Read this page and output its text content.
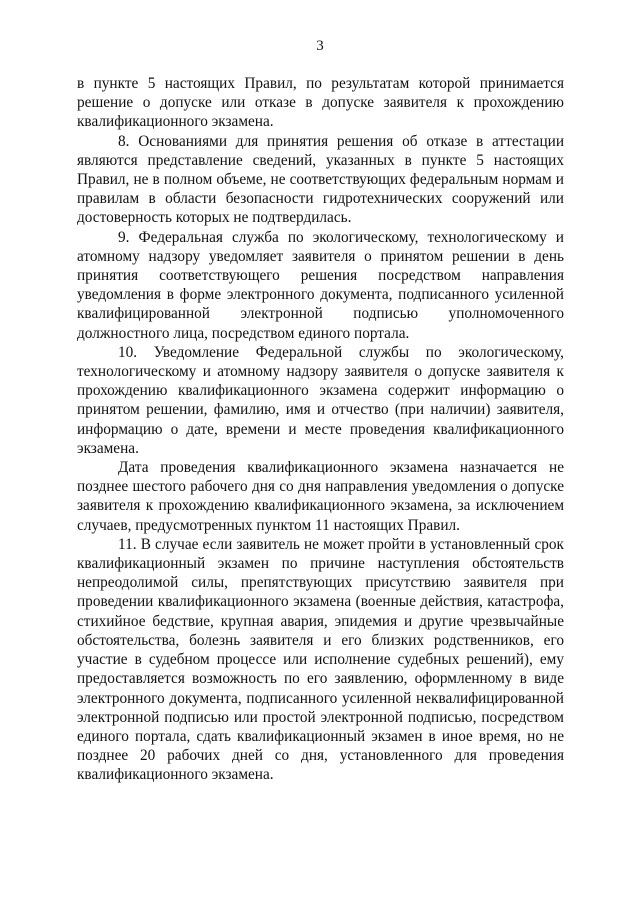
3

в пункте 5 настоящих Правил, по результатам которой принимается решение о допуске или отказе в допуске заявителя к прохождению квалификационного экзамена.

8. Основаниями для принятия решения об отказе в аттестации являются представление сведений, указанных в пункте 5 настоящих Правил, не в полном объеме, не соответствующих федеральным нормам и правилам в области безопасности гидротехнических сооружений или достоверность которых не подтвердилась.

9. Федеральная служба по экологическому, технологическому и атомному надзору уведомляет заявителя о принятом решении в день принятия соответствующего решения посредством направления уведомления в форме электронного документа, подписанного усиленной квалифицированной электронной подписью уполномоченного должностного лица, посредством единого портала.

10. Уведомление Федеральной службы по экологическому, технологическому и атомному надзору заявителя о допуске заявителя к прохождению квалификационного экзамена содержит информацию о принятом решении, фамилию, имя и отчество (при наличии) заявителя, информацию о дате, времени и месте проведения квалификационного экзамена.

Дата проведения квалификационного экзамена назначается не позднее шестого рабочего дня со дня направления уведомления о допуске заявителя к прохождению квалификационного экзамена, за исключением случаев, предусмотренных пунктом 11 настоящих Правил.

11. В случае если заявитель не может пройти в установленный срок квалификационный экзамен по причине наступления обстоятельств непреодолимой силы, препятствующих присутствию заявителя при проведении квалификационного экзамена (военные действия, катастрофа, стихийное бедствие, крупная авария, эпидемия и другие чрезвычайные обстоятельства, болезнь заявителя и его близких родственников, его участие в судебном процессе или исполнение судебных решений), ему предоставляется возможность по его заявлению, оформленному в виде электронного документа, подписанного усиленной неквалифицированной электронной подписью или простой электронной подписью, посредством единого портала, сдать квалификационный экзамен в иное время, но не позднее 20 рабочих дней со дня, установленного для проведения квалификационного экзамена.
